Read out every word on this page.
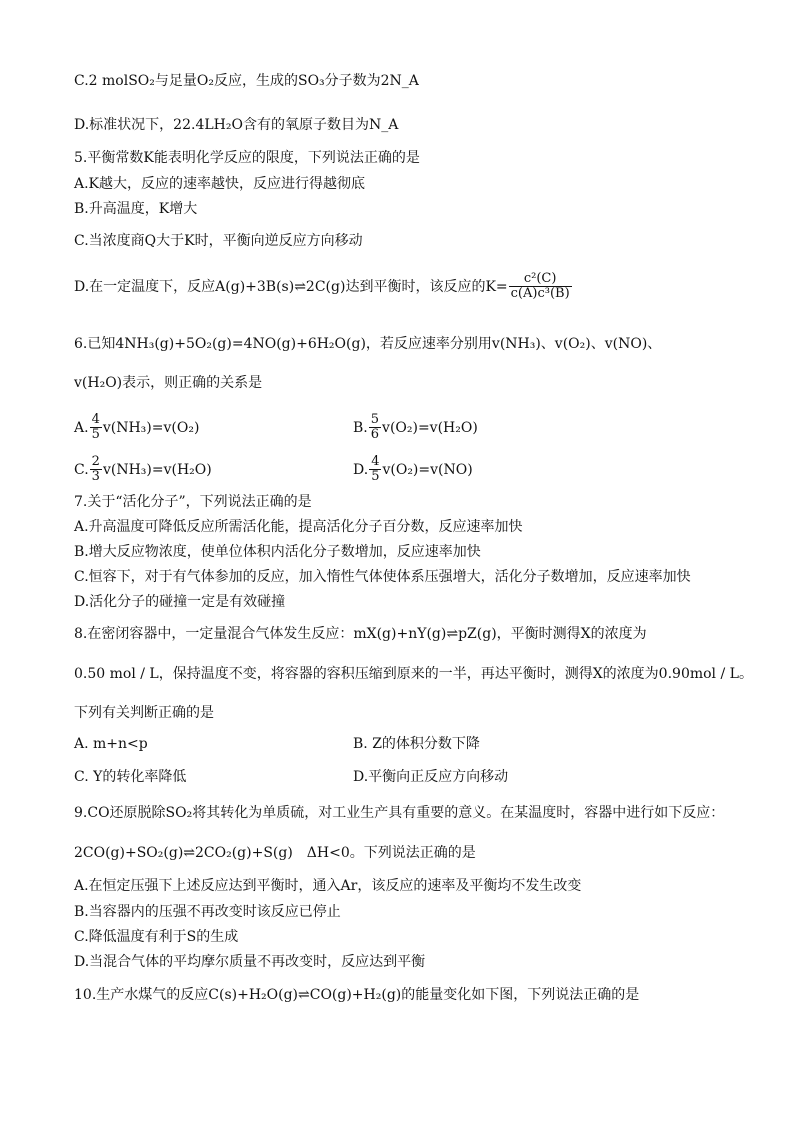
C.2 molSO₂与足量O₂反应，生成的SO₃分子数为2N_A
D.标准状况下，22.4LH₂O含有的氧原子数目为N_A
5.平衡常数K能表明化学反应的限度，下列说法正确的是
A.K越大，反应的速率越快，反应进行得越彻底
B.升高温度，K增大
C.当浓度商Q大于K时，平衡向逆反应方向移动
D.在一定温度下，反应A(g)+3B(s)⇌2C(g)达到平衡时，该反应的$K= \frac{\text{c²(C)}}{\text{c(A)c³(B)}}$
6.已知4NH₃(g)+5O₂(g)=4NO(g)+6H₂O(g)，若反应速率分别用v(NH₃)、v(O₂)、v(NO)、
v(H₂O)表示，则正确的关系是
A. $\frac{4}{5} v(NH_3)=v(O_2)$	B. $\frac{5}{6} v(O_2)=v(H_2O)$
C. $\frac{2}{3} v(NH_3)=v(H_2O)$	D. $\frac{4}{5} v(O_2)=v(NO)$
7.关于“活化分子”，下列说法正确的是
A.升高温度可降低反应所需活化能，提高活化分子百分数，反应速率加快
B.增大反应物浓度，使单位体积内活化分子数增加，反应速率加快
C.恒容下，对于有气体参加的反应，加入惰性气体使体系压强增大，活化分子数增加，反应速率加快
D.活化分子的碰撞一定是有效碰撞
8.在密闭容器中，一定量混合气体发生反应：mX(g)+nY(g)⇌pZ(g)，平衡时测得X的浓度为
0.50 mol / L，保持温度不变，将容器的容积压缩到原来的一半，再达平衡时，测得X的浓度为0.90mol / L。
下列有关判断正确的是
A. m+n<p	B. Z的体积分数下降
C. Y的转化率降低	D.平衡向正反应方向移动
9.CO还原脱除SO₂将其转化为单质硫，对工业生产具有重要的意义。在某温度时，容器中进行如下反应：
2CO(g)+SO₂(g)⇌2CO₂(g)+S(g)　ΔH<0。下列说法正确的是
A.在恒定压强下上述反应达到平衡时，通入Ar，该反应的速率及平衡均不发生改变
B.当容器内的压强不再改变时该反应已停止
C.降低温度有利于S的生成
D.当混合气体的平均摩尔质量不再改变时，反应达到平衡
10.生产水煤气的反应C(s)+H₂O(g)⇌CO(g)+H₂(g)的能量变化如下图，下列说法正确的是
